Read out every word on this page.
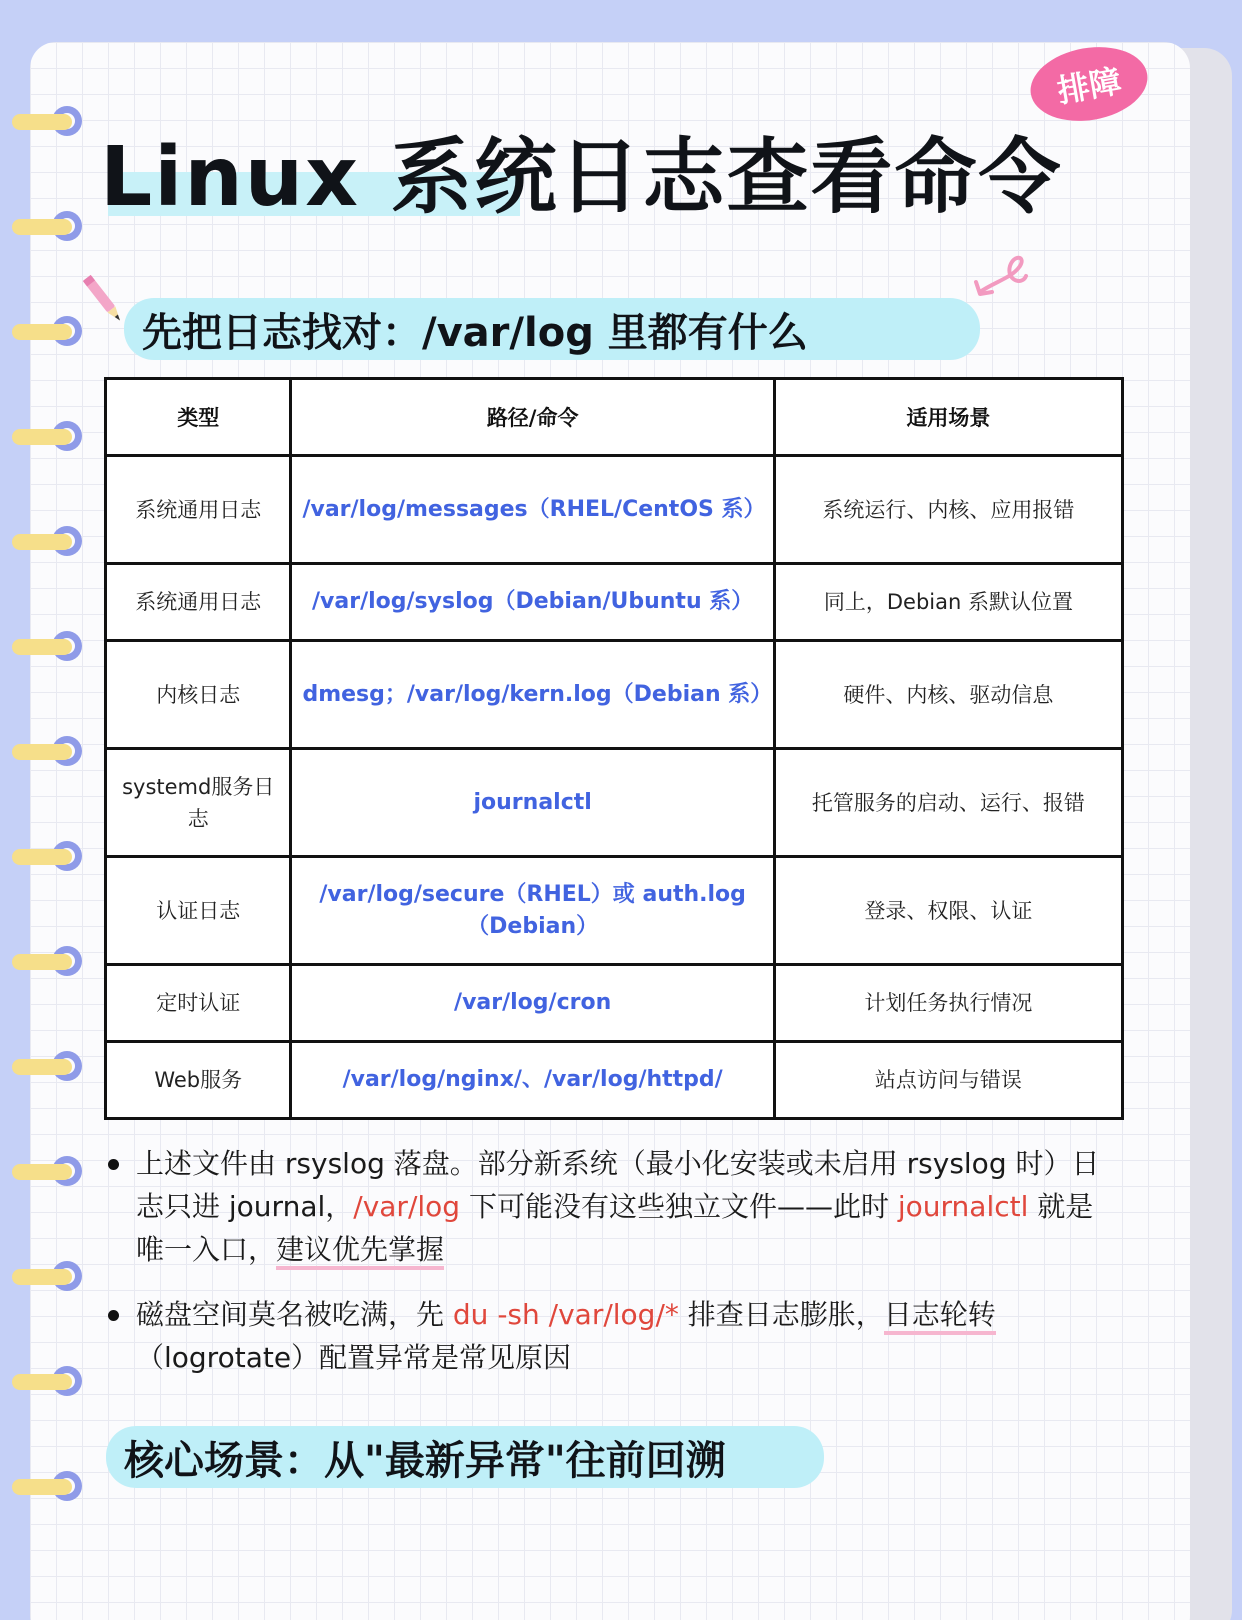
排障
Linux 系统日志查看命令
先把日志找对：/var/log 里都有什么
类型	路径/命令	适用场景
系统通用日志	/var/log/messages（RHEL/CentOS 系）	系统运行、内核、应用报错
系统通用日志	/var/log/syslog（Debian/Ubuntu 系）	同上，Debian 系默认位置
内核日志	dmesg；/var/log/kern.log（Debian 系）	硬件、内核、驱动信息
systemd服务日志	journalctl	托管服务的启动、运行、报错
认证日志	/var/log/secure（RHEL）或 auth.log（Debian）	登录、权限、认证
定时认证	/var/log/cron	计划任务执行情况
Web服务	/var/log/nginx/、/var/log/httpd/	站点访问与错误
上述文件由 rsyslog 落盘。部分新系统（最小化安装或未启用 rsyslog 时）日志只进 journal，/var/log 下可能没有这些独立文件——此时 journalctl 就是唯一入口，建议优先掌握
磁盘空间莫名被吃满，先 du -sh /var/log/* 排查日志膨胀，日志轮转（logrotate）配置异常是常见原因
核心场景：从"最新异常"往前回溯
